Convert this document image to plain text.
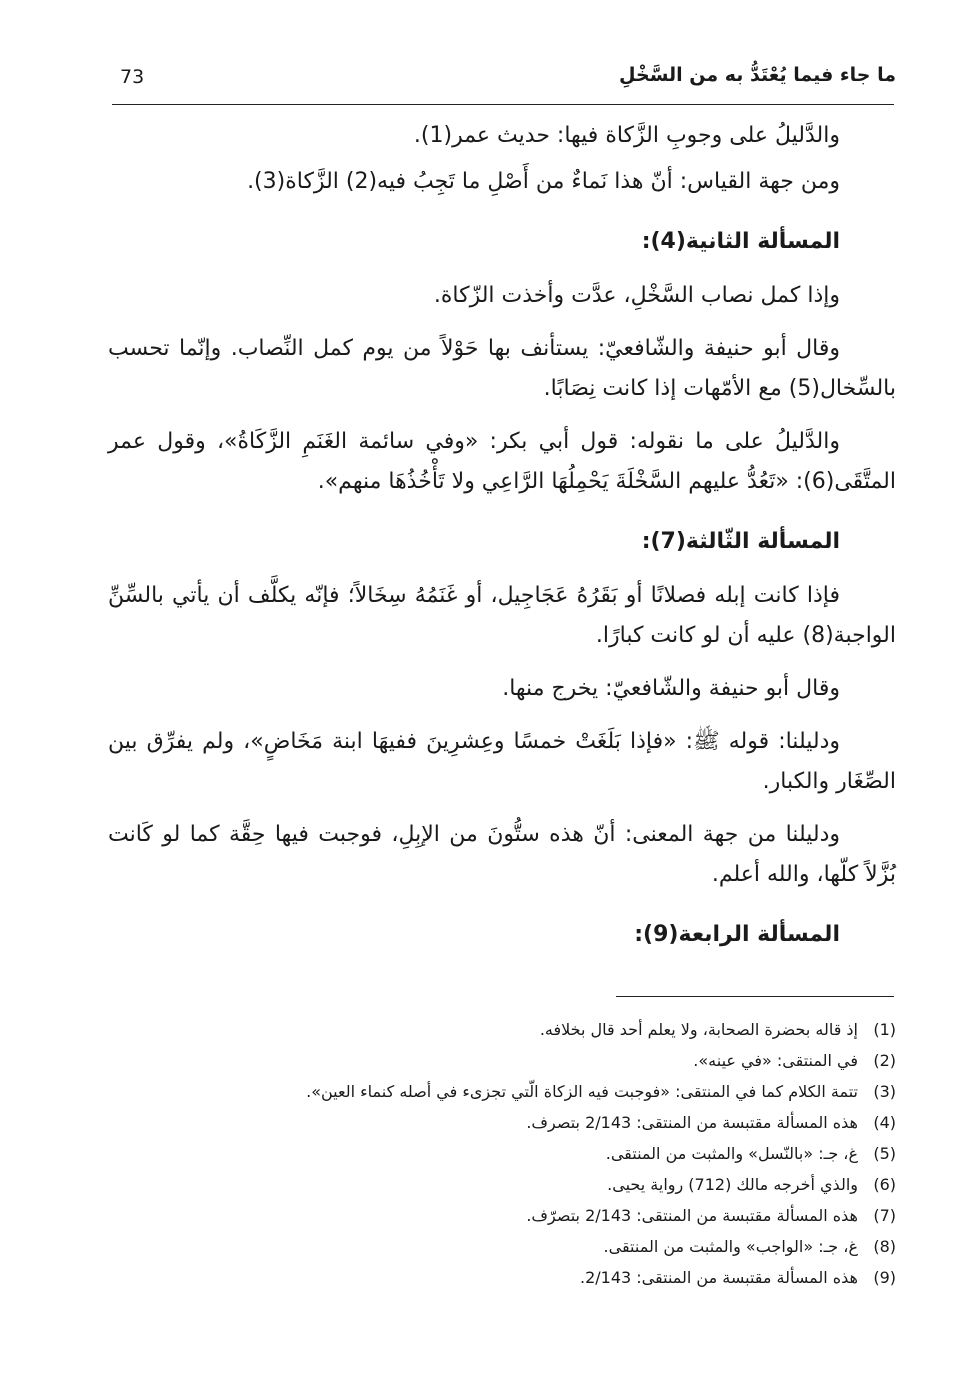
73	ما جاء فيما يُعْتَدُّ به من السَّخْلِ

والدَّليلُ على وجوبِ الزَّكاة فيها: حديث عمر(1).

ومن جهة القياس: أنّ هذا نَماءٌ من أَصْلِ ما تَجِبُ فيه(2) الزَّكاة(3).

المسألة الثانية(4):

وإذا كمل نصاب السَّخْلِ، عدَّت وأخذت الزّكاة.

وقال أبو حنيفة والشّافعيّ: يستأنف بها حَوْلاً من يوم كمل النِّصاب. وإنّما تحسب بالسِّخال(5) مع الأمّهات إذا كانت نِصَابًا.

والدَّليلُ على ما نقوله: قول أبي بكر: «وفي سائمة الغَنَمِ الزَّكَاةُ»، وقول عمر المتَّقَى(6): «تَعُدُّ عليهم السَّخْلَةَ يَحْمِلُهَا الرَّاعِي ولا تَأْخُذُهَا منهم».

المسألة الثّالثة(7):

فإذا كانت إبله فصلانًا أو بَقَرُهُ عَجَاجِيل، أو غَنَمُهُ سِخَالاً؛ فإنّه يكلَّف أن يأتي بالسِّنِّ الواجبة(8) عليه أن لو كانت كبارًا.

وقال أبو حنيفة والشّافعيّ: يخرج منها.

ودليلنا: قوله ﷺ: «فإذا بَلَغَتْ خمسًا وعِشرِينَ ففيهَا ابنة مَخَاضٍ»، ولم يفرِّق بين الصِّغَار والكبار.

ودليلنا من جهة المعنى: أنّ هذه ستُّونَ من الإبِلِ، فوجبت فيها حِقَّة كما لو كَانت بُزَّلاً كلّها، والله أعلم.

المسألة الرابعة(9):

(1)
إذ قاله بحضرة الصحابة، ولا يعلم أحد قال بخلافه.
(2)
في المنتقى: «في عينه».
(3)
تتمة الكلام كما في المنتقى: «فوجبت فيه الزكاة الّتي تجزىء في أصله كنماء العين».
(4)
هذه المسألة مقتبسة من المنتقى: 2/143 بتصرف.
(5)
غ، جـ: «بالنّسل» والمثبت من المنتقى.
(6)
والذي أخرجه مالك (712) رواية يحيى.
(7)
هذه المسألة مقتبسة من المنتقى: 2/143 بتصرّف.
(8)
غ، جـ: «الواجب» والمثبت من المنتقى.
(9)
هذه المسألة مقتبسة من المنتقى: 2/143.
